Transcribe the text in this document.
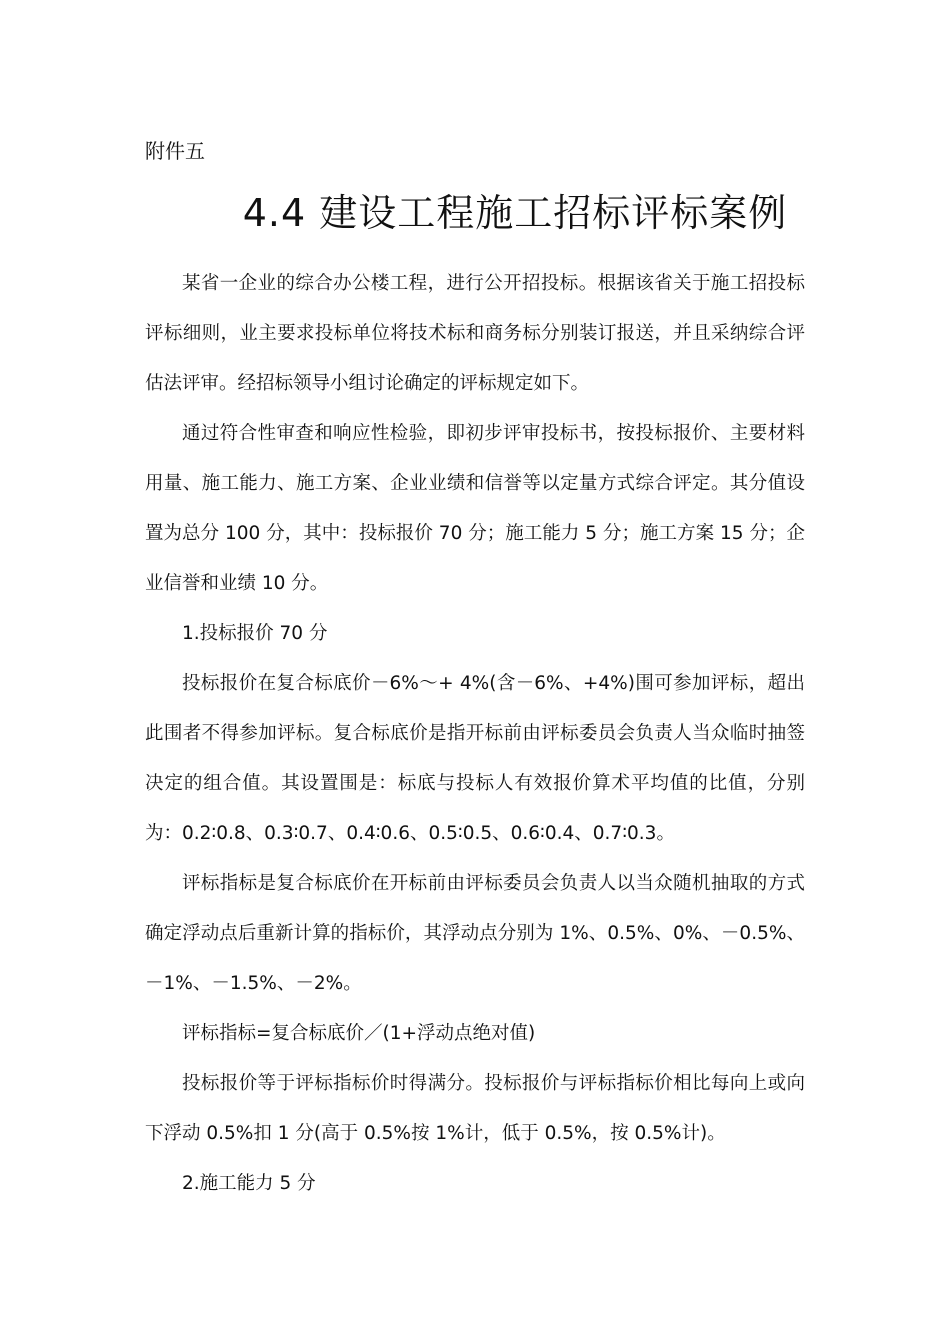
附件五
4.4 建设工程施工招标评标案例

某省一企业的综合办公楼工程，进行公开招投标。根据该省关于施工招投标评标细则，业主要求投标单位将技术标和商务标分别装订报送，并且采纳综合评估法评审。经招标领导小组讨论确定的评标规定如下。

通过符合性审查和响应性检验，即初步评审投标书，按投标报价、主要材料用量、施工能力、施工方案、企业业绩和信誉等以定量方式综合评定。其分值设置为总分 100 分，其中：投标报价 70 分；施工能力 5 分；施工方案 15 分；企业信誉和业绩 10 分。

1.投标报价 70 分

投标报价在复合标底价－6%～+ 4%(含－6%、+4%)围可参加评标，超出此围者不得参加评标。复合标底价是指开标前由评标委员会负责人当众临时抽签决定的组合值。其设置围是：标底与投标人有效报价算术平均值的比值，分别为：0.2∶0.8、0.3∶0.7、0.4∶0.6、0.5∶0.5、0.6∶0.4、0.7∶0.3。

评标指标是复合标底价在开标前由评标委员会负责人以当众随机抽取的方式确定浮动点后重新计算的指标价，其浮动点分别为 1%、0.5%、0%、－0.5%、－1%、－1.5%、－2%。

评标指标=复合标底价／(1+浮动点绝对值)

投标报价等于评标指标价时得满分。投标报价与评标指标价相比每向上或向下浮动 0.5%扣 1 分(高于 0.5%按 1%计，低于 0.5%，按 0.5%计)。

2.施工能力 5 分
